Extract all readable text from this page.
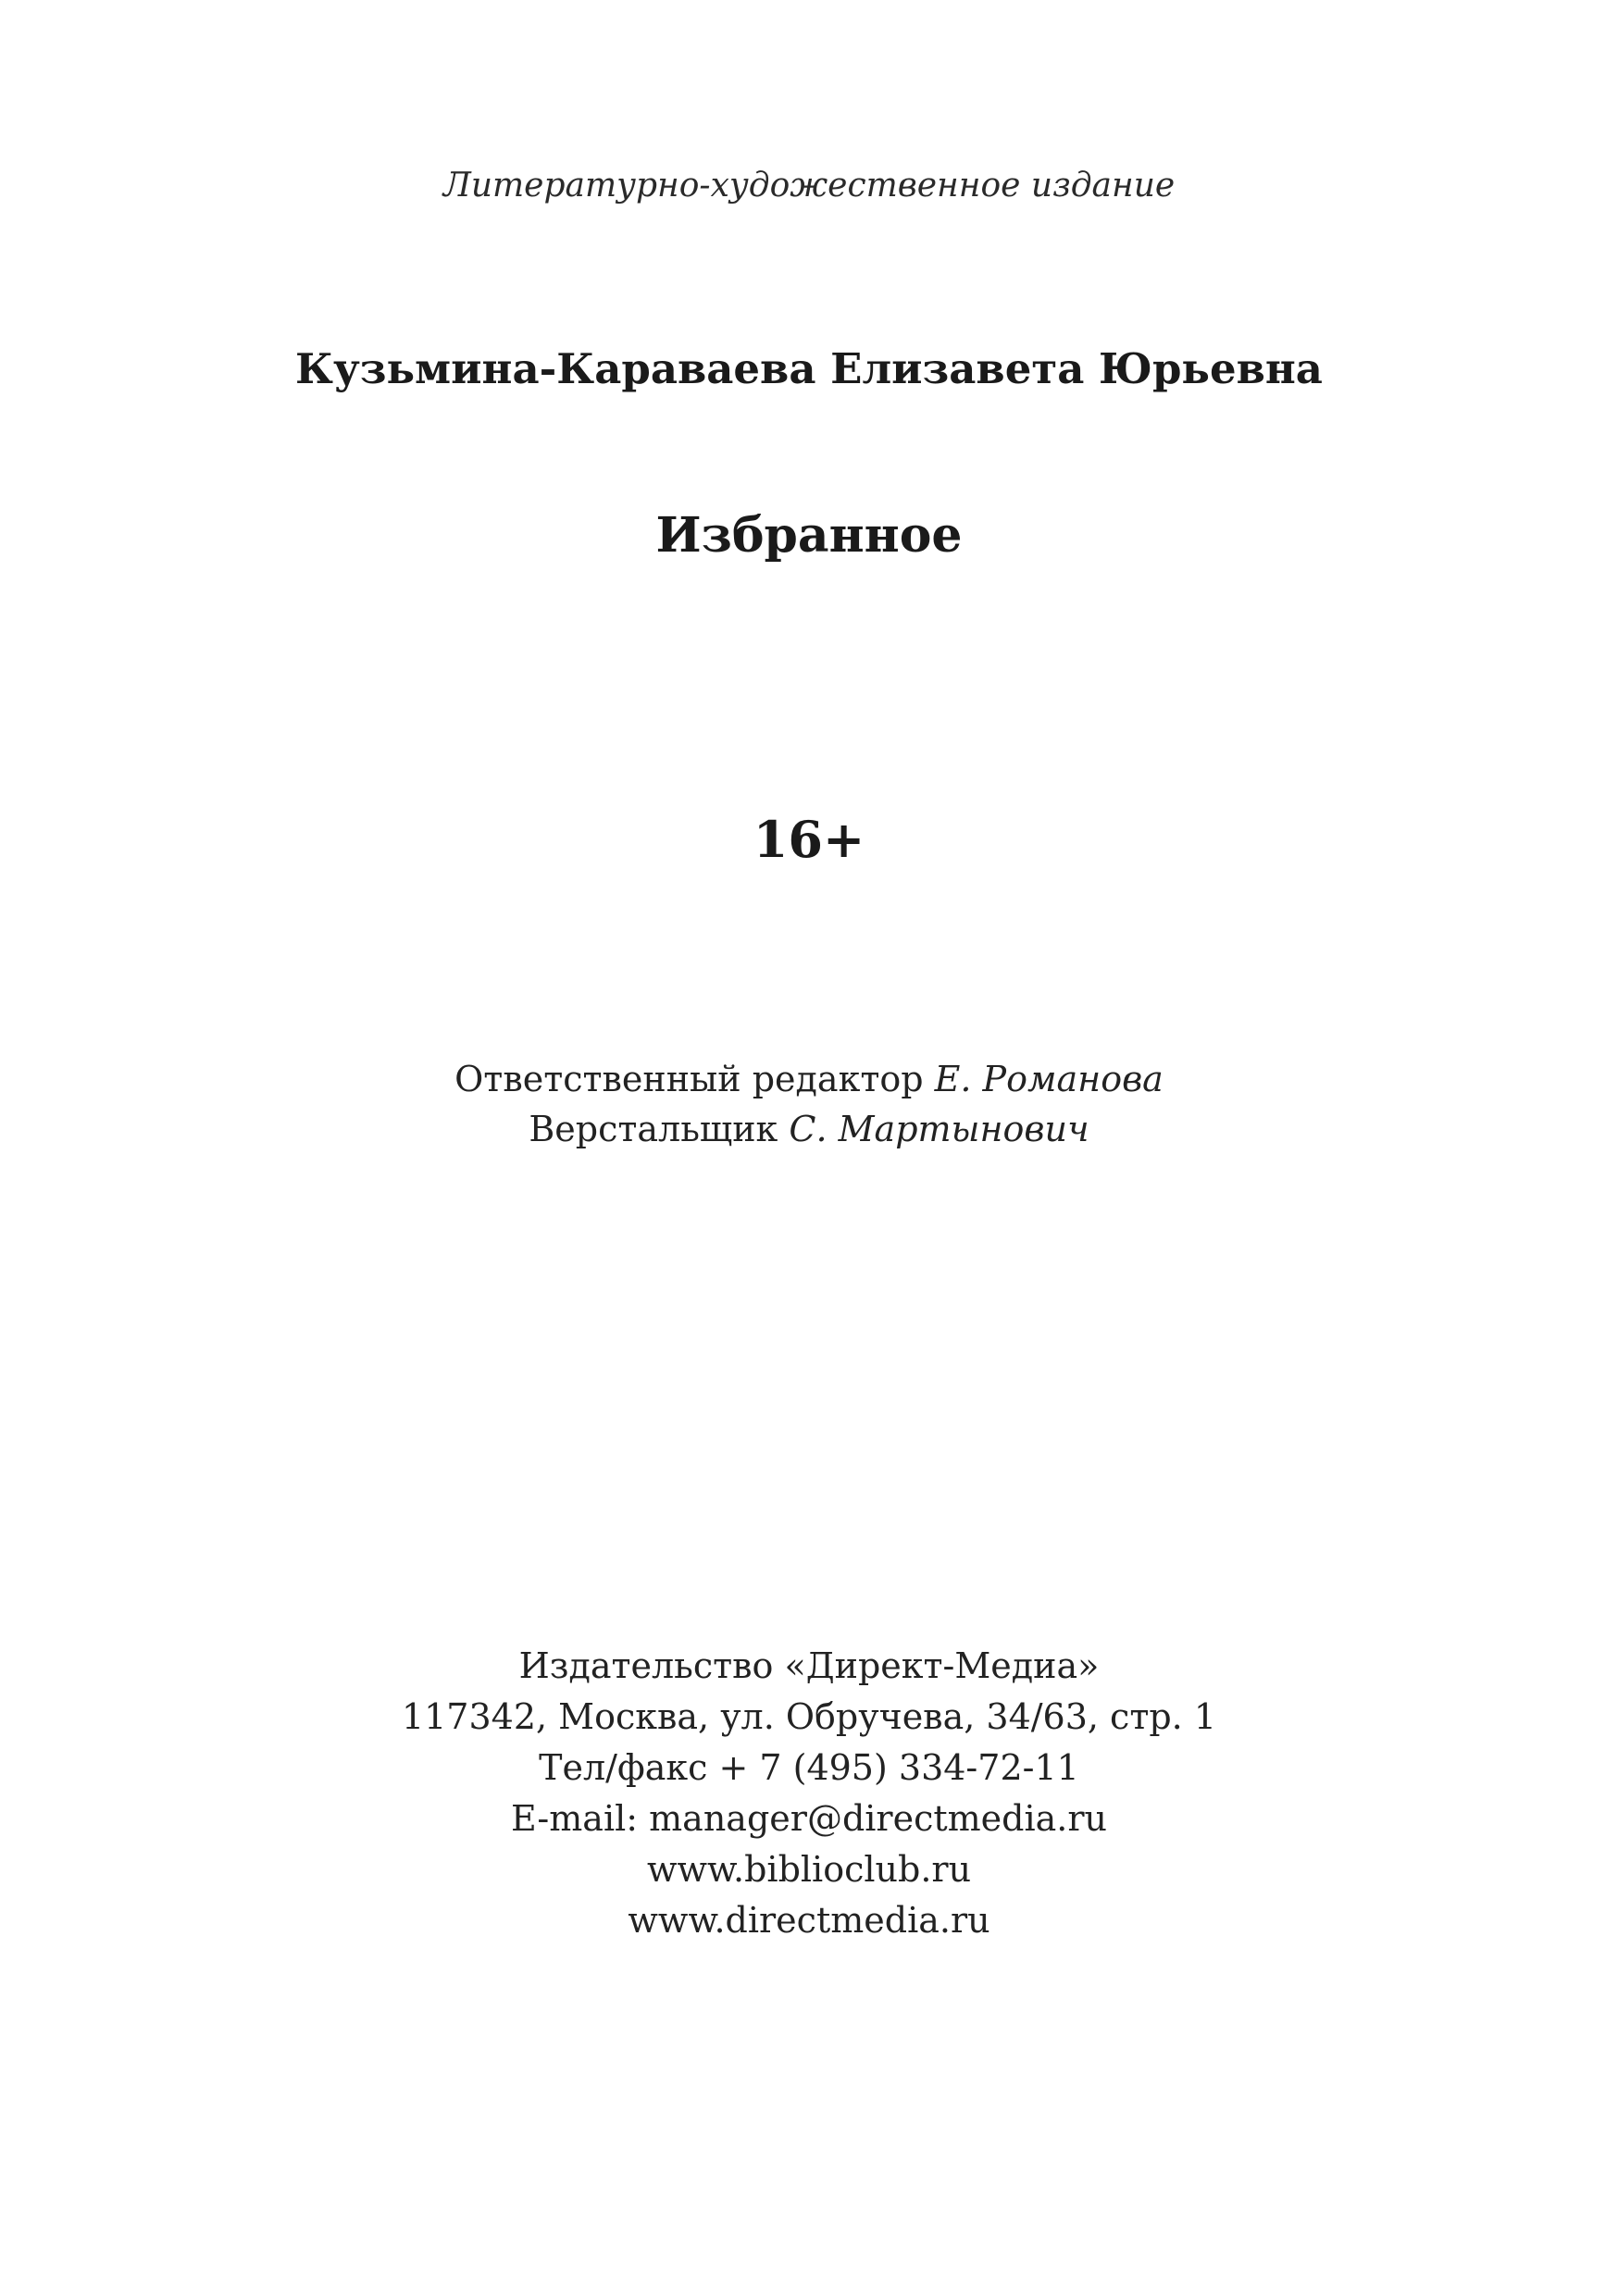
Литературно-художественное издание
Кузьмина-Караваева Елизавета Юрьевна
Избранное
16+
Ответственный редактор Е. Романова
Верстальщик С. Мартынович
Издательство «Директ-Медиа»
117342, Москва, ул. Обручева, 34/63, стр. 1
Тел/факс + 7 (495) 334-72-11
E-mail: manager@directmedia.ru
www.biblioclub.ru
www.directmedia.ru
